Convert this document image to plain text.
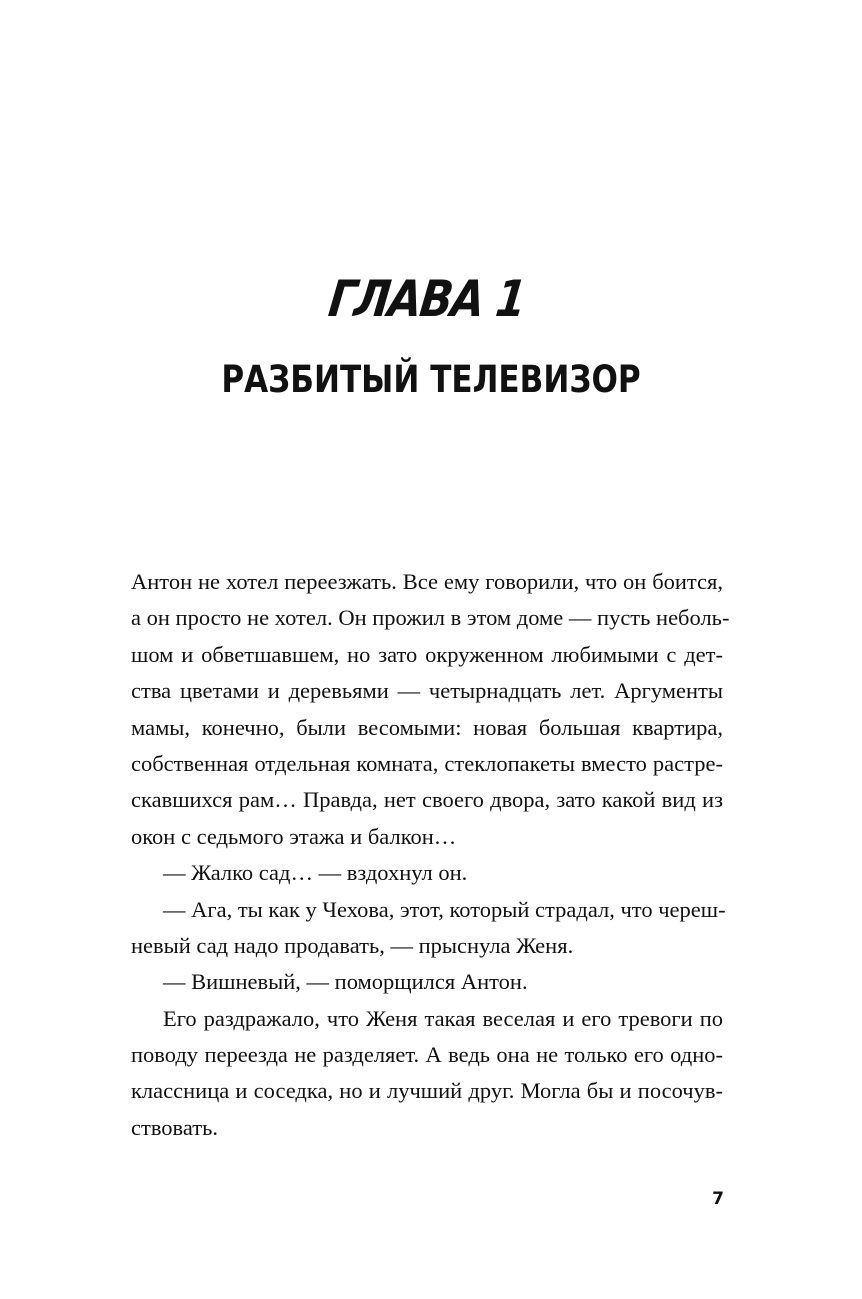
ГЛАВА 1
РАЗБИТЫЙ ТЕЛЕВИЗОР
Антон не хотел переезжать. Все ему говорили, что он боится,
а он просто не хотел. Он прожил в этом доме — пусть неболь-
шом и обветшавшем, но зато окруженном любимыми с дет-
ства цветами и деревьями — четырнадцать лет. Аргументы
мамы, конечно, были весомыми: новая большая квартира,
собственная отдельная комната, стеклопакеты вместо растре-
скавшихся рам… Правда, нет своего двора, зато какой вид из
окон с седьмого этажа и балкон…
— Жалко сад… — вздохнул он.
— Ага, ты как у Чехова, этот, который страдал, что череш-
невый сад надо продавать, — прыснула Женя.
— Вишневый, — поморщился Антон.
Его раздражало, что Женя такая веселая и его тревоги по
поводу переезда не разделяет. А ведь она не только его одно-
классница и соседка, но и лучший друг. Могла бы и посочув-
ствовать.
7
